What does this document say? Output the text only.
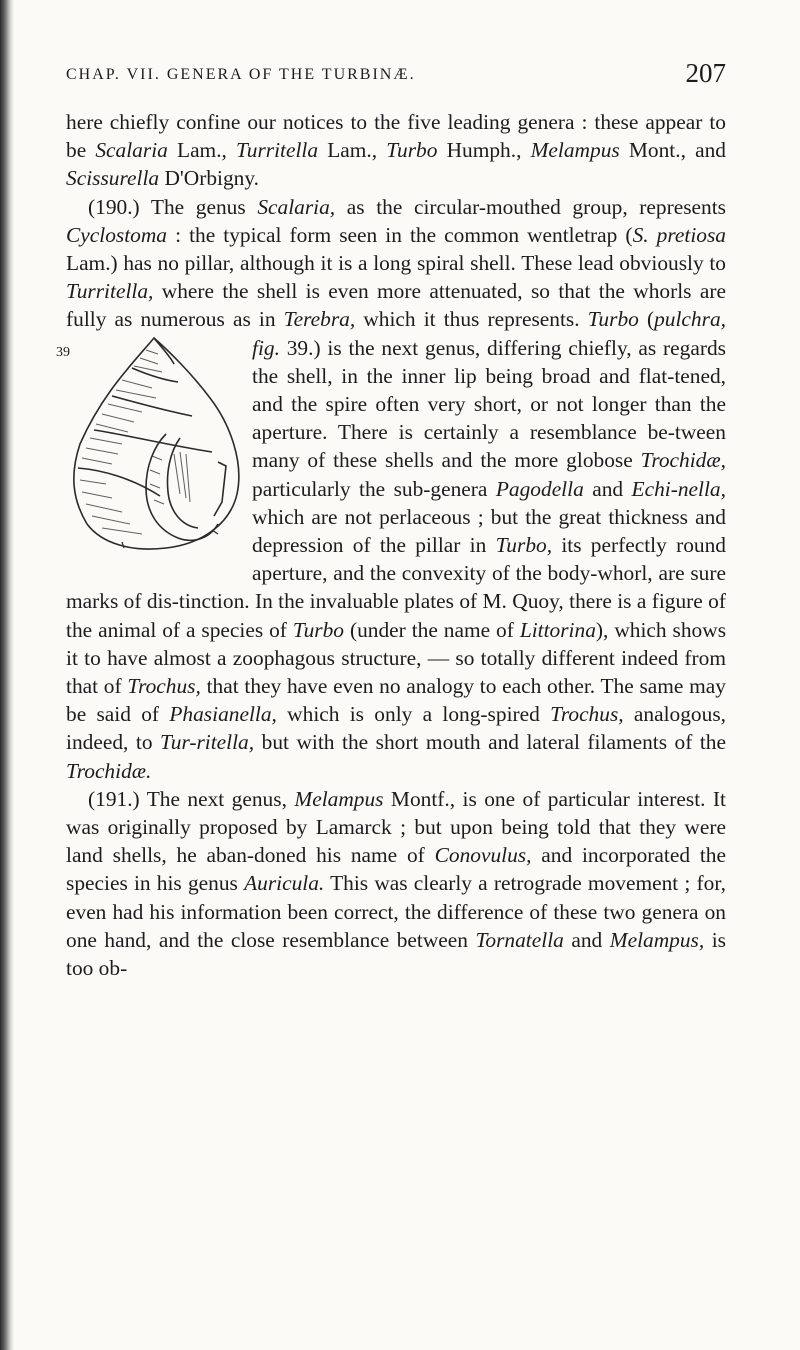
CHAP. VII. GENERA OF THE TURBINÆ.	207

here chiefly confine our notices to the five leading genera : these appear to be Scalaria Lam., Turritella Lam., Turbo Humph., Melampus Mont., and Scissurella D'Orbigny.

(190.) The genus Scalaria, as the circular-mouthed group, represents Cyclostoma : the typical form seen in the common wentletrap (S. pretiosa Lam.) has no pillar, although it is a long spiral shell. These lead obviously to Turritella, where the shell is even more attenuated, so that the whorls are fully as numerous as in Terebra, which it thus represents. Turbo (pulchra, fig.
39	39.) is the next genus, differing chiefly, as regards the shell, in the inner lip being broad and flat-tened, and the spire often very short, or not longer than the aperture. There is certainly a resemblance be-tween many of these shells and the more globose Trochidæ, particularly the sub-genera Pagodella and Echi-nella, which are not perlaceous ; but the great thickness and depression of the pillar in Turbo, its perfectly round aperture, and the convexity of the body-whorl, are sure marks of dis-tinction. In the invaluable plates of M. Quoy, there is a figure of the animal of a species of Turbo (under the name of Littorina), which shows it to have almost a zoophagous structure, — so totally different indeed from that of Trochus, that they have even no analogy to each other. The same may be said of Phasianella, which is only a long-spired Trochus, analogous, indeed, to Tur-ritella, but with the short mouth and lateral filaments of the Trochidæ.

(191.) The next genus, Melampus Montf., is one of particular interest. It was originally proposed by Lamarck ; but upon being told that they were land shells, he aban-doned his name of Conovulus, and incorporated the species in his genus Auricula. This was clearly a retrograde movement ; for, even had his information been correct, the difference of these two genera on one hand, and the close resemblance between Tornatella and Melampus, is too ob-
